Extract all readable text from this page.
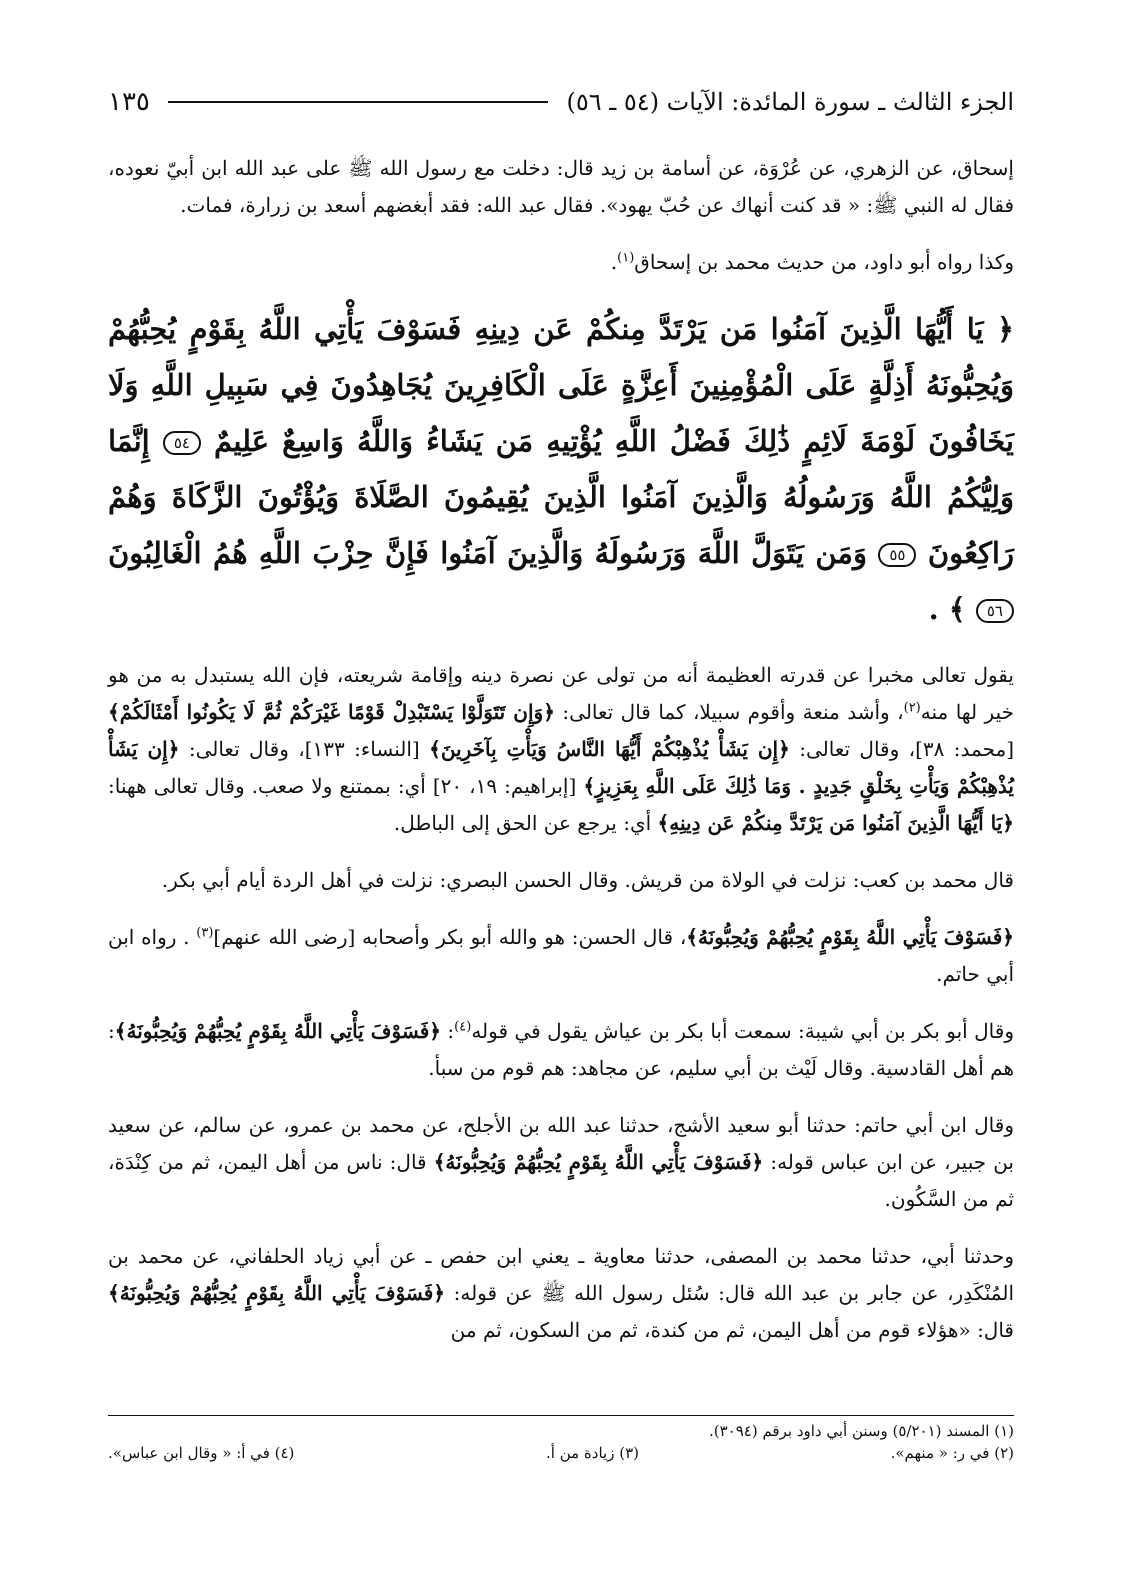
الجزء الثالث ـ سورة المائدة: الآيات (٥٤ ـ ٥٦)
١٣٥

إسحاق، عن الزهري، عن عُرْوَة، عن أسامة بن زيد قال: دخلت مع رسول الله ﷺ على عبد الله ابن أبيّ نعوده، فقال له النبي ﷺ: « قد كنت أنهاك عن حُبّ يهود». فقال عبد الله: فقد أبغضهم أسعد بن زرارة، فمات.

وكذا رواه أبو داود، من حديث محمد بن إسحاق$^{(١)}$.

﴿ يَا أَيُّهَا الَّذِينَ آمَنُوا مَن يَرْتَدَّ مِنكُمْ عَن دِينِهِ فَسَوْفَ يَأْتِي اللَّهُ بِقَوْمٍ يُحِبُّهُمْ وَيُحِبُّونَهُ أَذِلَّةٍ عَلَى الْمُؤْمِنِينَ أَعِزَّةٍ عَلَى الْكَافِرِينَ يُجَاهِدُونَ فِي سَبِيلِ اللَّهِ وَلَا يَخَافُونَ لَوْمَةَ لَائِمٍ ذَٰلِكَ فَضْلُ اللَّهِ يُؤْتِيهِ مَن يَشَاءُ وَاللَّهُ وَاسِعٌ عَلِيمٌ ٥٤ إِنَّمَا وَلِيُّكُمُ اللَّهُ وَرَسُولُهُ وَالَّذِينَ آمَنُوا الَّذِينَ يُقِيمُونَ الصَّلَاةَ وَيُؤْتُونَ الزَّكَاةَ وَهُمْ رَاكِعُونَ ٥٥ وَمَن يَتَوَلَّ اللَّهَ وَرَسُولَهُ وَالَّذِينَ آمَنُوا فَإِنَّ حِزْبَ اللَّهِ هُمُ الْغَالِبُونَ ٥٦ ﴾ .

يقول تعالى مخبرا عن قدرته العظيمة أنه من تولى عن نصرة دينه وإقامة شريعته، فإن الله يستبدل به من هو خير لها منه$^{(٢)}$، وأشد منعة وأقوم سبيلا، كما قال تعالى: ﴿وَإِن تَتَوَلَّوْا يَسْتَبْدِلْ قَوْمًا غَيْرَكُمْ ثُمَّ لَا يَكُونُوا أَمْثَالَكُمْ﴾ [محمد: ٣٨]، وقال تعالى: ﴿إِن يَشَأْ يُذْهِبْكُمْ أَيُّهَا النَّاسُ وَيَأْتِ بِآخَرِينَ﴾ [النساء: ١٣٣]، وقال تعالى: ﴿إِن يَشَأْ يُذْهِبْكُمْ وَيَأْتِ بِخَلْقٍ جَدِيدٍ . وَمَا ذَٰلِكَ عَلَى اللَّهِ بِعَزِيزٍ﴾ [إبراهيم: ١٩، ٢٠] أي: بممتنع ولا صعب. وقال تعالى ههنا: ﴿يَا أَيُّهَا الَّذِينَ آمَنُوا مَن يَرْتَدَّ مِنكُمْ عَن دِينِهِ﴾ أي: يرجع عن الحق إلى الباطل.

قال محمد بن كعب: نزلت في الولاة من قريش. وقال الحسن البصري: نزلت في أهل الردة أيام أبي بكر.

﴿فَسَوْفَ يَأْتِي اللَّهُ بِقَوْمٍ يُحِبُّهُمْ وَيُحِبُّونَهُ﴾، قال الحسن: هو والله أبو بكر وأصحابه [رضى الله عنهم]$^{(٣)}$ . رواه ابن أبي حاتم.

وقال أبو بكر بن أبي شيبة: سمعت أبا بكر بن عياش يقول في قوله$^{(٤)}$: ﴿فَسَوْفَ يَأْتِي اللَّهُ بِقَوْمٍ يُحِبُّهُمْ وَيُحِبُّونَهُ﴾: هم أهل القادسية. وقال لَيْث بن أبي سليم، عن مجاهد: هم قوم من سبأ.

وقال ابن أبي حاتم: حدثنا أبو سعيد الأشج، حدثنا عبد الله بن الأجلح، عن محمد بن عمرو، عن سالم، عن سعيد بن جبير، عن ابن عباس قوله: ﴿فَسَوْفَ يَأْتِي اللَّهُ بِقَوْمٍ يُحِبُّهُمْ وَيُحِبُّونَهُ﴾ قال: ناس من أهل اليمن، ثم من كِنْدَة، ثم من السَّكُون.

وحدثنا أبي، حدثنا محمد بن المصفى، حدثنا معاوية ـ يعني ابن حفص ـ عن أبي زياد الحلفاني، عن محمد بن المُنْكَدِر، عن جابر بن عبد الله قال: سُئل رسول الله ﷺ عن قوله: ﴿فَسَوْفَ يَأْتِي اللَّهُ بِقَوْمٍ يُحِبُّهُمْ وَيُحِبُّونَهُ﴾ قال: «هؤلاء قوم من أهل اليمن، ثم من كندة، ثم من السكون، ثم من

(١) المسند (٥/٢٠١) وسنن أبي داود برقم (٣٠٩٤).
(٢) في ر: « منهم».
(٣) زيادة من أ.
(٤) في أ: « وقال ابن عباس».
